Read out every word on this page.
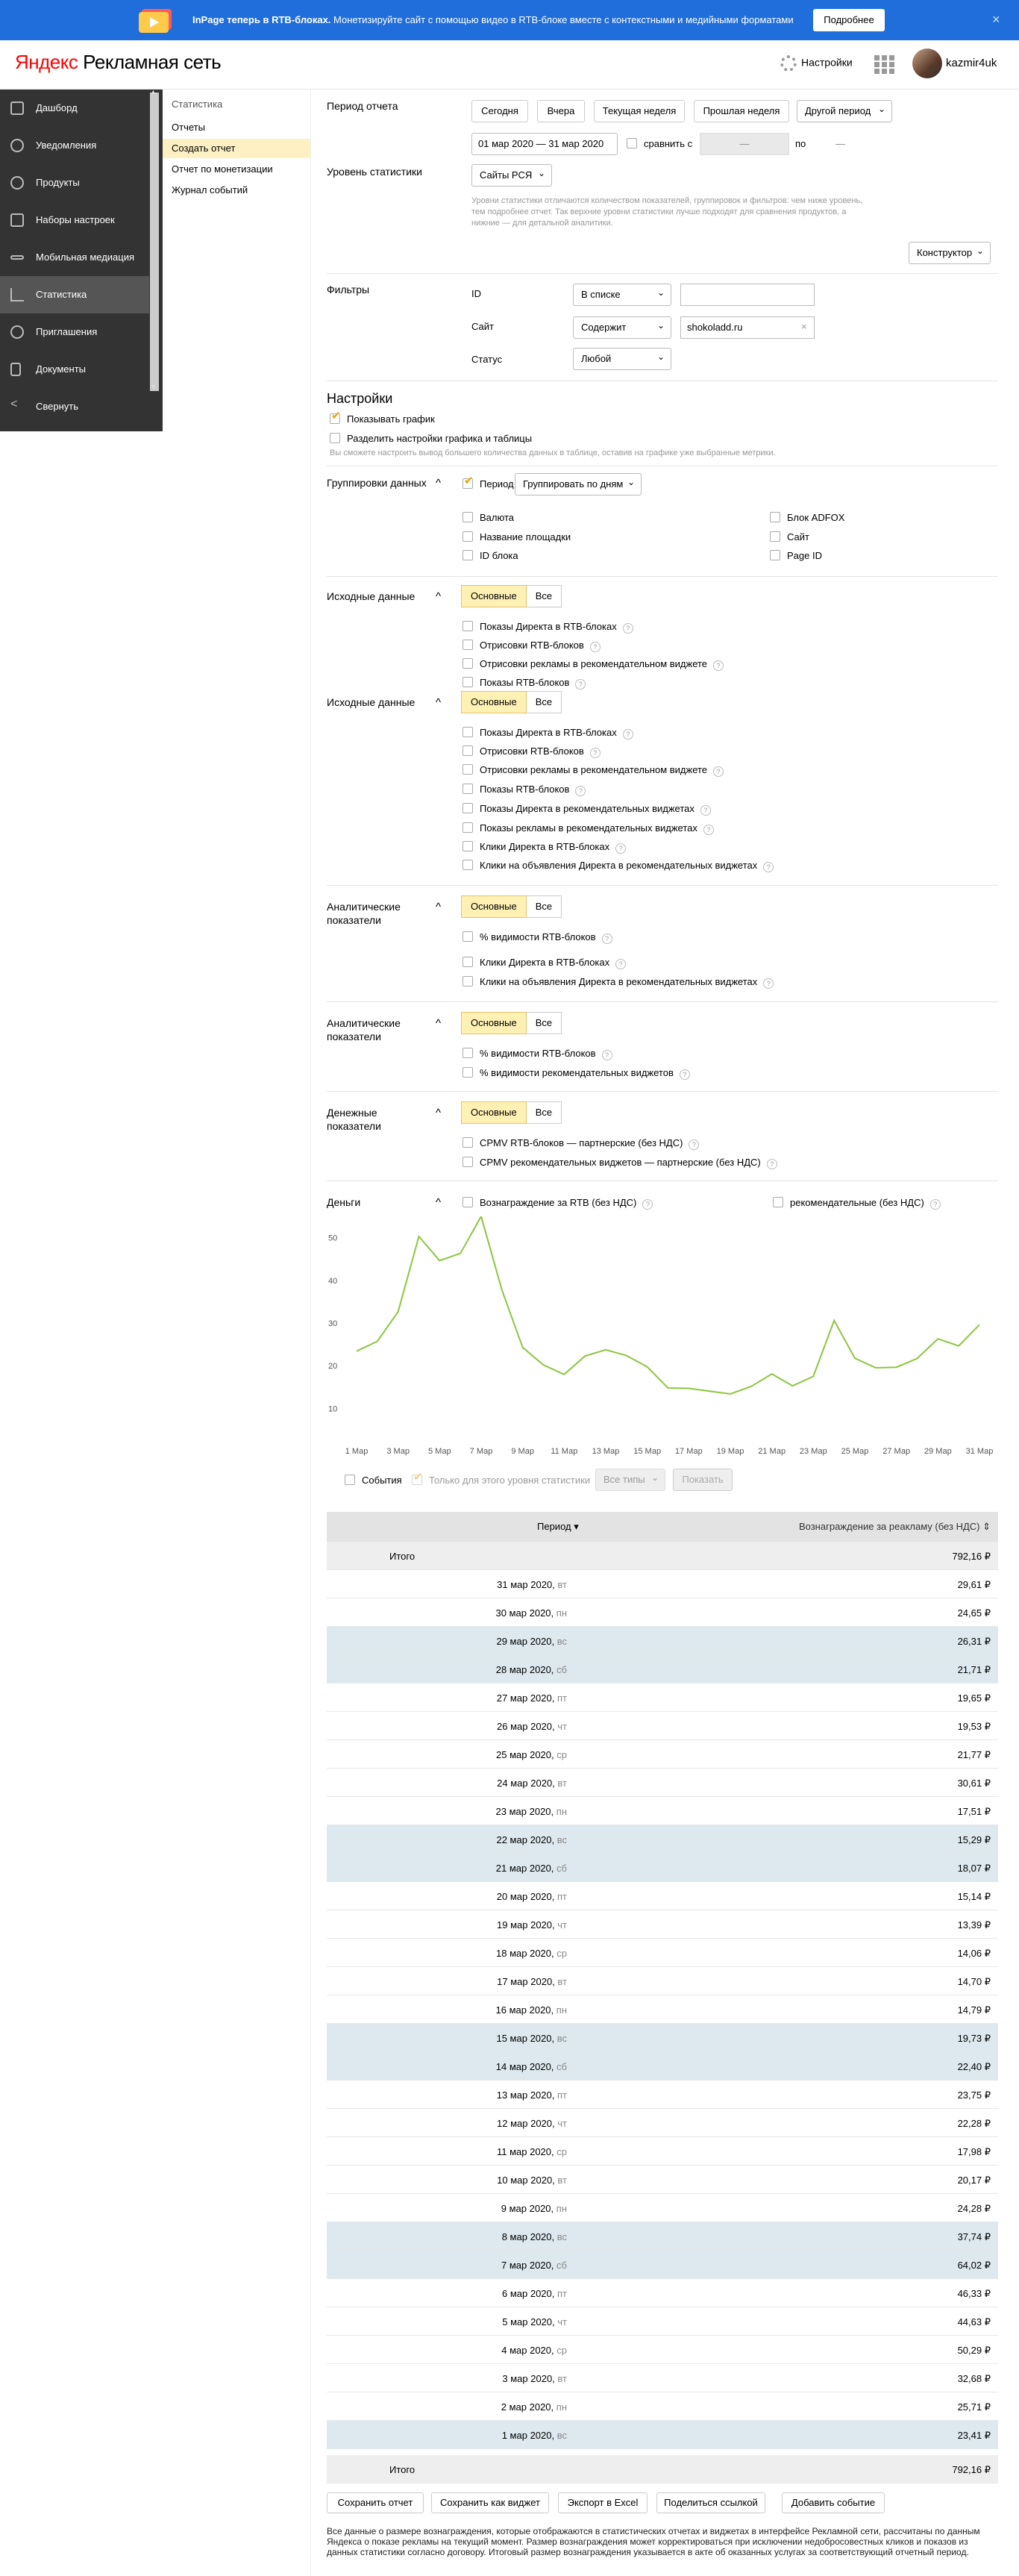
InPage теперь в RTB-блоках. Монетизируйте сайт с помощью видео в RTB-блоке вместе с контекстными и медийными форматами	Подробнее	×
Яндекс Рекламная сеть	Настройки	kazmir4uk
Дашборд
Уведомления
Продукты
Наборы настроек
Мобильная медиация
Статистика
Приглашения
Документы
<	Свернуть
▲
▼
Статистика
Отчеты
Создать отчет
Отчет по монетизации
Журнал событий
Период отчета	Сегодня	Вчера	Текущая неделя	Прошлая неделя	Другой период ⌄
01 мар 2020 — 31 мар 2020	сравнить с	—	по	—
Уровень статистики	Сайты РСЯ ⌄
Уровни статистики отличаются количеством показателей, группировок и фильтров: чем ниже уровень, тем подробнее отчет. Так верхние уровни статистики лучше подходят для сравнения продуктов, а нижние — для детальной аналитики.
Конструктор ⌄
Фильтры	ID	В списке ⌄
Сайт	Содержит ⌄	shokoladd.ru	×
Статус	Любой ⌄
Настройки
✔Показывать график
Разделить настройки графика и таблицы
Вы сможете настроить вывод большего количества данных в таблице, оставив на графике уже выбранные метрики.
Группировки данных ^ ✔	Период Группировать по дням ⌄
Валюта
Название площадки
ID блока
Блок ADFOX
Сайт
Page ID
Исходные данные ^	Основные	Все
Показы Директа в RTB-блоках ?
Отрисовки RTB-блоков ?
Отрисовки рекламы в рекомендательном виджете ?
Показы RTB-блоков ?
Исходные данные ^	Основные	Все
Показы Директа в RTB-блоках ?
Отрисовки RTB-блоков ?
Отрисовки рекламы в рекомендательном виджете ?
Показы RTB-блоков ?
Показы Директа в рекомендательных виджетах ?
Показы рекламы в рекомендательных виджетах ?
Клики Директа в RTB-блоках ?
Клики на объявления Директа в рекомендательных виджетах ?
Аналитические показатели
^	Основные	Все
% видимости RTB-блоков ?
Клики Директа в RTB-блоках ?
Клики на объявления Директа в рекомендательных виджетах ?
Аналитические показатели
^	Основные	Все
% видимости RTB-блоков ?
% видимости рекомендательных виджетов ?
Денежные показатели
^	Основные	Все
CPMV RTB-блоков — партнерские (без НДС) ?
CPMV рекомендательных виджетов — партнерские (без НДС) ?
Деньги	^	Вознаграждение за RTB (без НДС) ?	рекомендательные (без НДС) ?
50
40
30
20
10
1 Мар 3 Мар 5 Мар 7 Мар 9 Мар 11 Мар 13 Мар 15 Мар 17 Мар 19 Мар 21 Мар 23 Мар 25 Мар 27 Мар 29 Мар 31 Мар
События ✔	Только для этого уровня статистики	Все типы ⌄	Показать
Период ▾	Вознаграждение за реакламу (без НДС) ⇕
Итого	792,16 ₽
31 мар 2020, вт	29,61 ₽
30 мар 2020, пн	24,65 ₽
29 мар 2020, вс	26,31 ₽
28 мар 2020, сб	21,71 ₽
27 мар 2020, пт	19,65 ₽
26 мар 2020, чт	19,53 ₽
25 мар 2020, ср	21,77 ₽
24 мар 2020, вт	30,61 ₽
23 мар 2020, пн	17,51 ₽
22 мар 2020, вс	15,29 ₽
21 мар 2020, сб	18,07 ₽
20 мар 2020, пт	15,14 ₽
19 мар 2020, чт	13,39 ₽
18 мар 2020, ср	14,06 ₽
17 мар 2020, вт	14,70 ₽
16 мар 2020, пн	14,79 ₽
15 мар 2020, вс	19,73 ₽
14 мар 2020, сб	22,40 ₽
13 мар 2020, пт	23,75 ₽
12 мар 2020, чт	22,28 ₽
11 мар 2020, ср	17,98 ₽
10 мар 2020, вт	20,17 ₽
9 мар 2020, пн	24,28 ₽
8 мар 2020, вс	37,74 ₽
7 мар 2020, сб	64,02 ₽
6 мар 2020, пт	46,33 ₽
5 мар 2020, чт	44,63 ₽
4 мар 2020, ср	50,29 ₽
3 мар 2020, вт	32,68 ₽
2 мар 2020, пн	25,71 ₽
1 мар 2020, вс	23,41 ₽
Итого	792,16 ₽
Сохранить отчет	Сохранить как виджет	Экспорт в Excel	Поделиться ссылкой	Добавить событие
Все данные о размере вознаграждения, которые отображаются в статистических отчетах и виджетах в интерфейсе Рекламной сети, рассчитаны по данным Яндекса о показе рекламы на текущий момент. Размер вознаграждения может корректироваться при исключении недобросовестных кликов и показов из данных статистики согласно договору. Итоговый размер вознаграждения указывается в акте об оказанных услугах за соответствующий отчетный период.
